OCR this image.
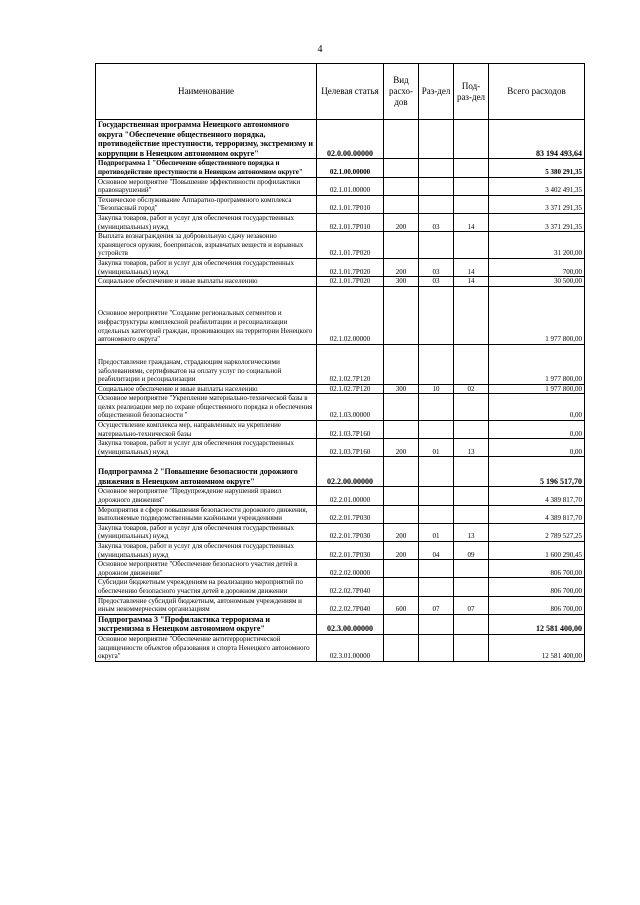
4
Наименование	Целевая статья	Вид расхо-дов	Раз-дел	Под-раз-дел	Всего расходов
Государственная программа Ненецкого автономного округа "Обеспечение общественного порядка, противодействие преступности, терроризму, экстремизму и коррупции в Ненецком автономном округе"	02.0.00.00000				83 194 493,64
Подпрограмма 1 "Обеспечение общественного порядка и противодействие преступности в Ненецком автономном округе"	02.1.00.00000				5 380 291,35
Основное мероприятие "Повышение эффективности профилактики правонарушений"	02.1.01.00000				3 402 491,35
Техническое обслуживание Аппаратно-программного комплекса "Безопасный город"	02.1.01.7Р010				3 371 291,35
Закупка товаров, работ и услуг для обеспечения государственных (муниципальных) нужд	02.1.01.7Р010	200	03	14	3 371 291,35
Выплата вознаграждения за добровольную сдачу незаконно хранящегося оружия, боеприпасов, взрывчатых веществ и взрывных устройств	02.1.01.7Р020				31 200,00
Закупка товаров, работ и услуг для обеспечения государственных (муниципальных) нужд	02.1.01.7Р020	200	03	14	700,00
Социальное обеспечение и иные выплаты населению	02.1.01.7Р020	300	03	14	30 500,00
Основное мероприятие "Создание региональных сегментов и инфраструктуры комплексной реабилитации и ресоциализации отдельных категорий граждан, проживающих на территории Ненецкого автономного округа"	02.1.02.00000				1 977 800,00
Предоставление гражданам, страдающим наркологическими заболеваниями, сертификатов на оплату услуг по социальной реабилитации и ресоциализации	02.1.02.7Р120				1 977 800,00
Социальное обеспечение и иные выплаты населению	02.1.02.7Р120	300	10	02	1 977 800,00
Основное мероприятие "Укрепление материально-технической базы в целях реализации мер по охране общественного порядка и обеспечения общественной безопасности "	02.1.03.00000				0,00
Осуществление комплекса мер, направленных на укрепление материально-технической базы	02.1.03.7Р160				0,00
Закупка товаров, работ и услуг для обеспечения государственных (муниципальных) нужд	02.1.03.7Р160	200	01	13	0,00
Подпрограмма 2 "Повышение безопасности дорожного движения в Ненецком автономном округе"	02.2.00.00000				5 196 517,70
Основное мероприятие "Предупреждение нарушений правил дорожного движения"	02.2.01.00000				4 389 817,70
Мероприятия в сфере повышения безопасности дорожного движения, выполняемые подведомственными казёнными учреждениями	02.2.01.7Р030				4 389 817,70
Закупка товаров, работ и услуг для обеспечения государственных (муниципальных) нужд	02.2.01.7Р030	200	01	13	2 789 527,25
Закупка товаров, работ и услуг для обеспечения государственных (муниципальных) нужд	02.2.01.7Р030	200	04	09	1 600 290,45
Основное мероприятие "Обеспечение безопасного участия детей в дорожном движении"	02.2.02.00000				806 700,00
Субсидии бюджетным учреждениям на реализацию мероприятий по обеспечению безопасного участия детей в дорожном движении	02.2.02.7Р040				806 700,00
Предоставление субсидий бюджетным, автономным учреждениям и иным некоммерческим организациям	02.2.02.7Р040	600	07	07	806 700,00
Подпрограмма 3 "Профилактика терроризма и экстремизма в Ненецком автономном округе"	02.3.00.00000				12 581 400,00
Основное мероприятие "Обеспечение антитеррористической защищенности объектов образования и спорта Ненецкого автономного округа"	02.3.01.00000				12 581 400,00
